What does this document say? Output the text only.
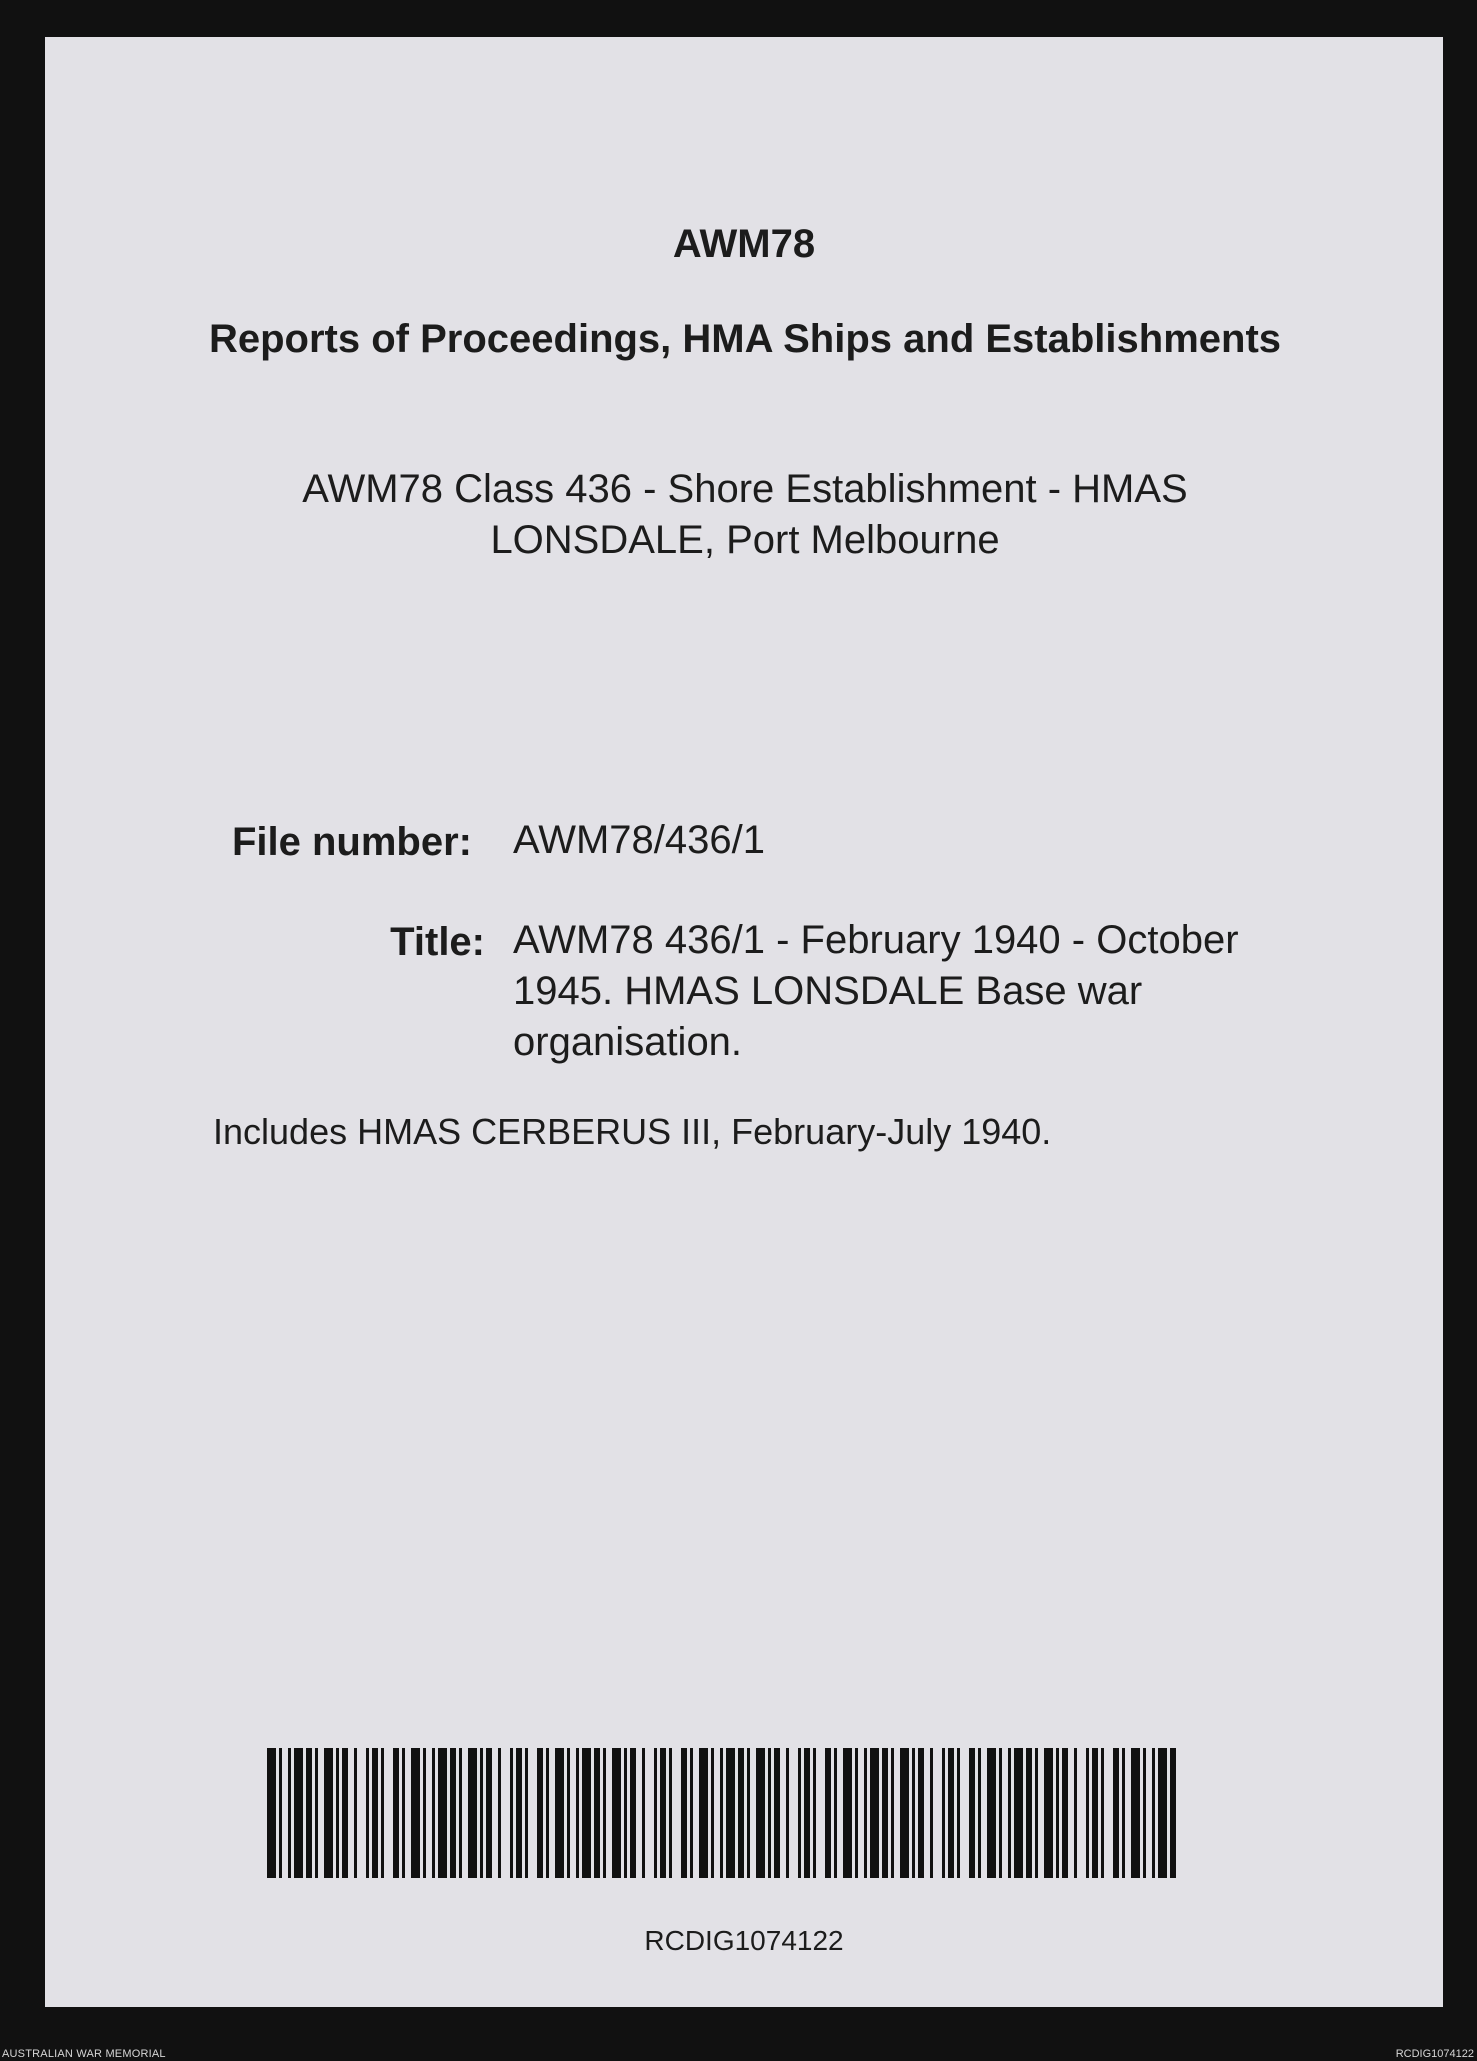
AWM78
Reports of Proceedings, HMA Ships and Establishments
AWM78 Class 436 - Shore Establishment - HMAS LONSDALE, Port Melbourne
File number: AWM78/436/1
Title: AWM78 436/1 - February 1940 - October 1945. HMAS LONSDALE Base war organisation.
Includes HMAS CERBERUS III, February-July 1940.
RCDIG1074122
AUSTRALIAN WAR MEMORIAL	RCDIG1074122
